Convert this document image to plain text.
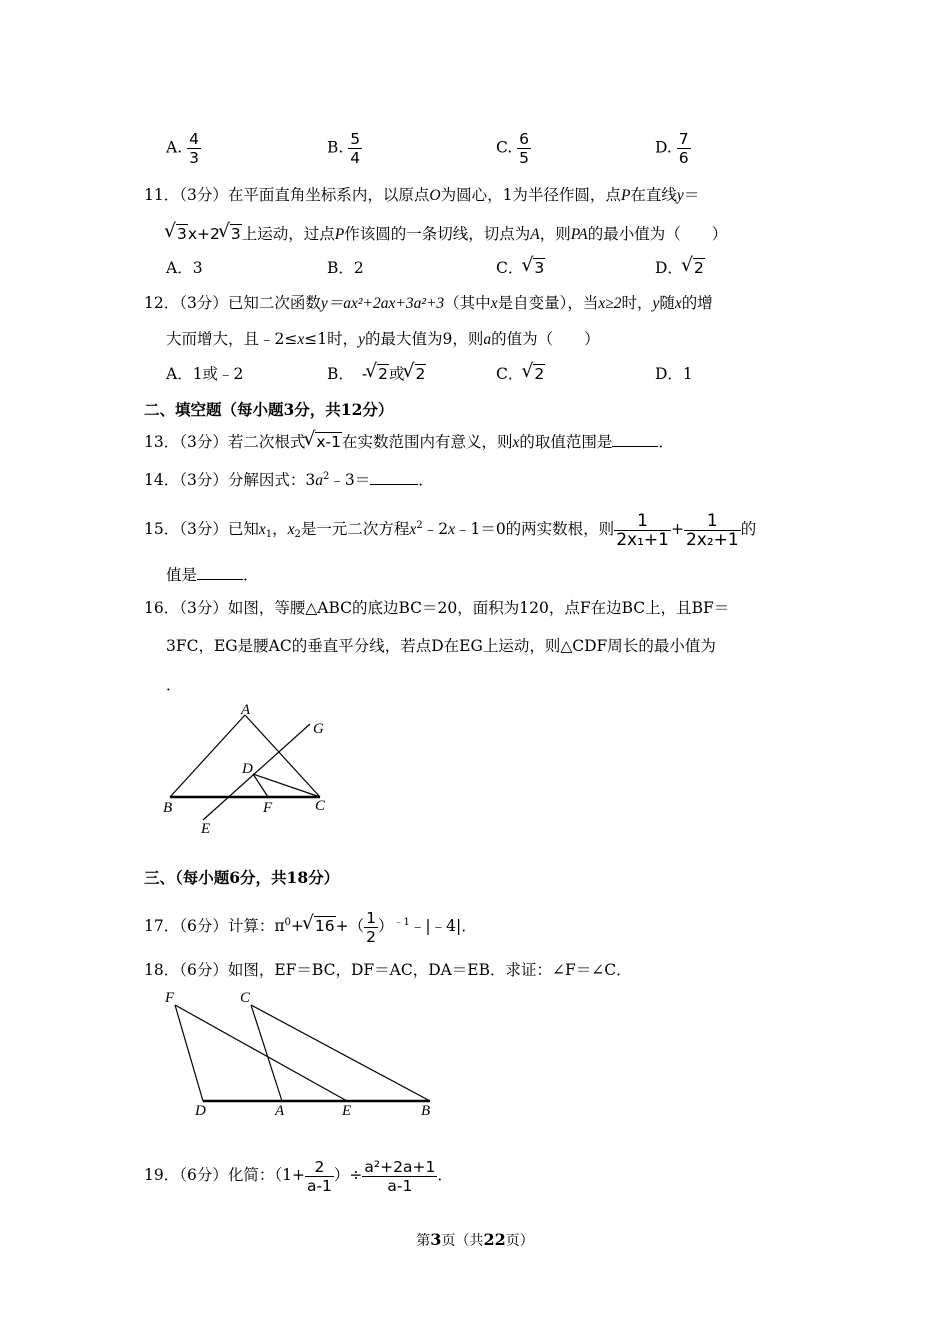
A. $\frac{4}{3}$	B. $\frac{5}{4}$	C. $\frac{6}{5}$	D. $\frac{7}{6}$
11．（3分）在平面直角坐标系内，以原点O为圆心，1为半径作圆，点P在直线y＝
√ 3x+2√ 3上运动，过点P作该圆的一条切线，切点为A，则PA的最小值为（　　）
A．3	B．2	C．√ 3	D．√ 2
12．（3分）已知二次函数y＝ax²+2ax+3a²+3（其中x是自变量），当x≥2时，y随x的增
大而增大，且﹣2≤x≤1时，y的最大值为9，则a的值为（　　）
A．1或﹣2	B． -√ 2或√ 2	C．√ 2	D．1
二、填空题（每小题3分，共12分）
13．（3分）若二次根式√ x-1在实数范围内有意义，则x的取值范围是	．
14．（3分）分解因式：$3a^2﹣3=$	．
15．（3分）已知$x_1$，$x_2$是一元二次方程$x^2﹣2x﹣1=0$的两实数根，则 $\frac{1}{\text{2x₁+1}} + \frac{1}{\text{2x₂+1}}$ 的
值是	．
16．（3分）如图，等腰△ABC的底边BC＝20，面积为120，点F在边BC上，且BF＝
3FC，EG是腰AC的垂直平分线，若点D在EG上运动，则△CDF周长的最小值为
．
A
G
D
B	F	C
E
三、（每小题6分，共18分）
17．（6分）计算：$\pi^0+√$ $16+( \frac{1}{2}$ ）$^{﹣1}﹣|﹣4|$．
18．（6分）如图，EF＝BC，DF＝AC，DA＝EB．求证：∠F＝∠C．
F	C
D	A	E	B
19．（6分）化简：（$1+ \frac{2}{a-1}$ ）÷ $\frac{\text{a²+2a+1}}{a-1}$ ．
第3页（共22页）
